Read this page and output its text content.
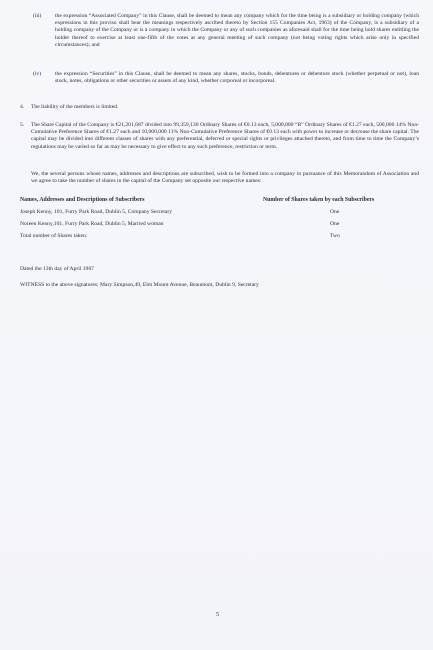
(iii) the expression “Associated Company” in this Clause, shall be deemed to mean any company which for the time being is a subsidiary or holding company (which expressions in this proviso shall bear the meanings respectively ascribed thereto by Section 155 Companies Act, 1963) of the Company, is a subsidiary of a holding company of the Company or is a company in which the Company or any of such companies as aforesaid shall for the time being hold shares entitling the holder thereof to exercise at least one-fifth of the votes at any general meeting of such company (not being voting rights which arise only in specified circumstances); and
(iv) the expression “Securities” in this Clause, shall be deemed to mean any shares, stocks, bonds, debentures or debenture stock (whether perpetual or not), loan stock, notes, obligations or other securities or assets of any kind, whether corporeal or incorporeal.
4. The liability of the members is limited.
5. The Share Capital of the Company is €21,201,687 divided into 99,359,130 Ordinary Shares of €0.13 each, 5,000,000 “B” Ordinary Shares of €1.27 each, 500,000 14% Non-Cumulative Preference Shares of €1.27 each and 10,000,000 11% Non-Cumulative Preference Shares of €0.13 each with power to increase or decrease the share capital. The capital may be divided into different classes of shares with any preferential, deferred or special rights or privileges attached thereto, and from time to time the Company’s regulations may be varied so far as may be necessary to give effect to any such preference, restriction or term.
We, the several persons whose names, addresses and descriptions are subscribed, wish to be formed into a company in pursuance of this Memorandum of Association and we agree to take the number of shares in the capital of the Company set opposite our respective names:
Names, Addresses and Descriptions of Subscribers	Number of Shares taken by each Subscribers
Joseph Kenny, 101, Furry Park Road, Dublin 5, Company Secretary	One
Noreen Kenny,101, Furry Park Road, Dublin 5, Married woman	One
Total number of Shares taken:	Two
Dated the 13th day of April 1987
WITNESS to the above signatures: Mary Simpson,49, Elm Mount Avenue, Beaumont, Dublin 9, Secretary
5
